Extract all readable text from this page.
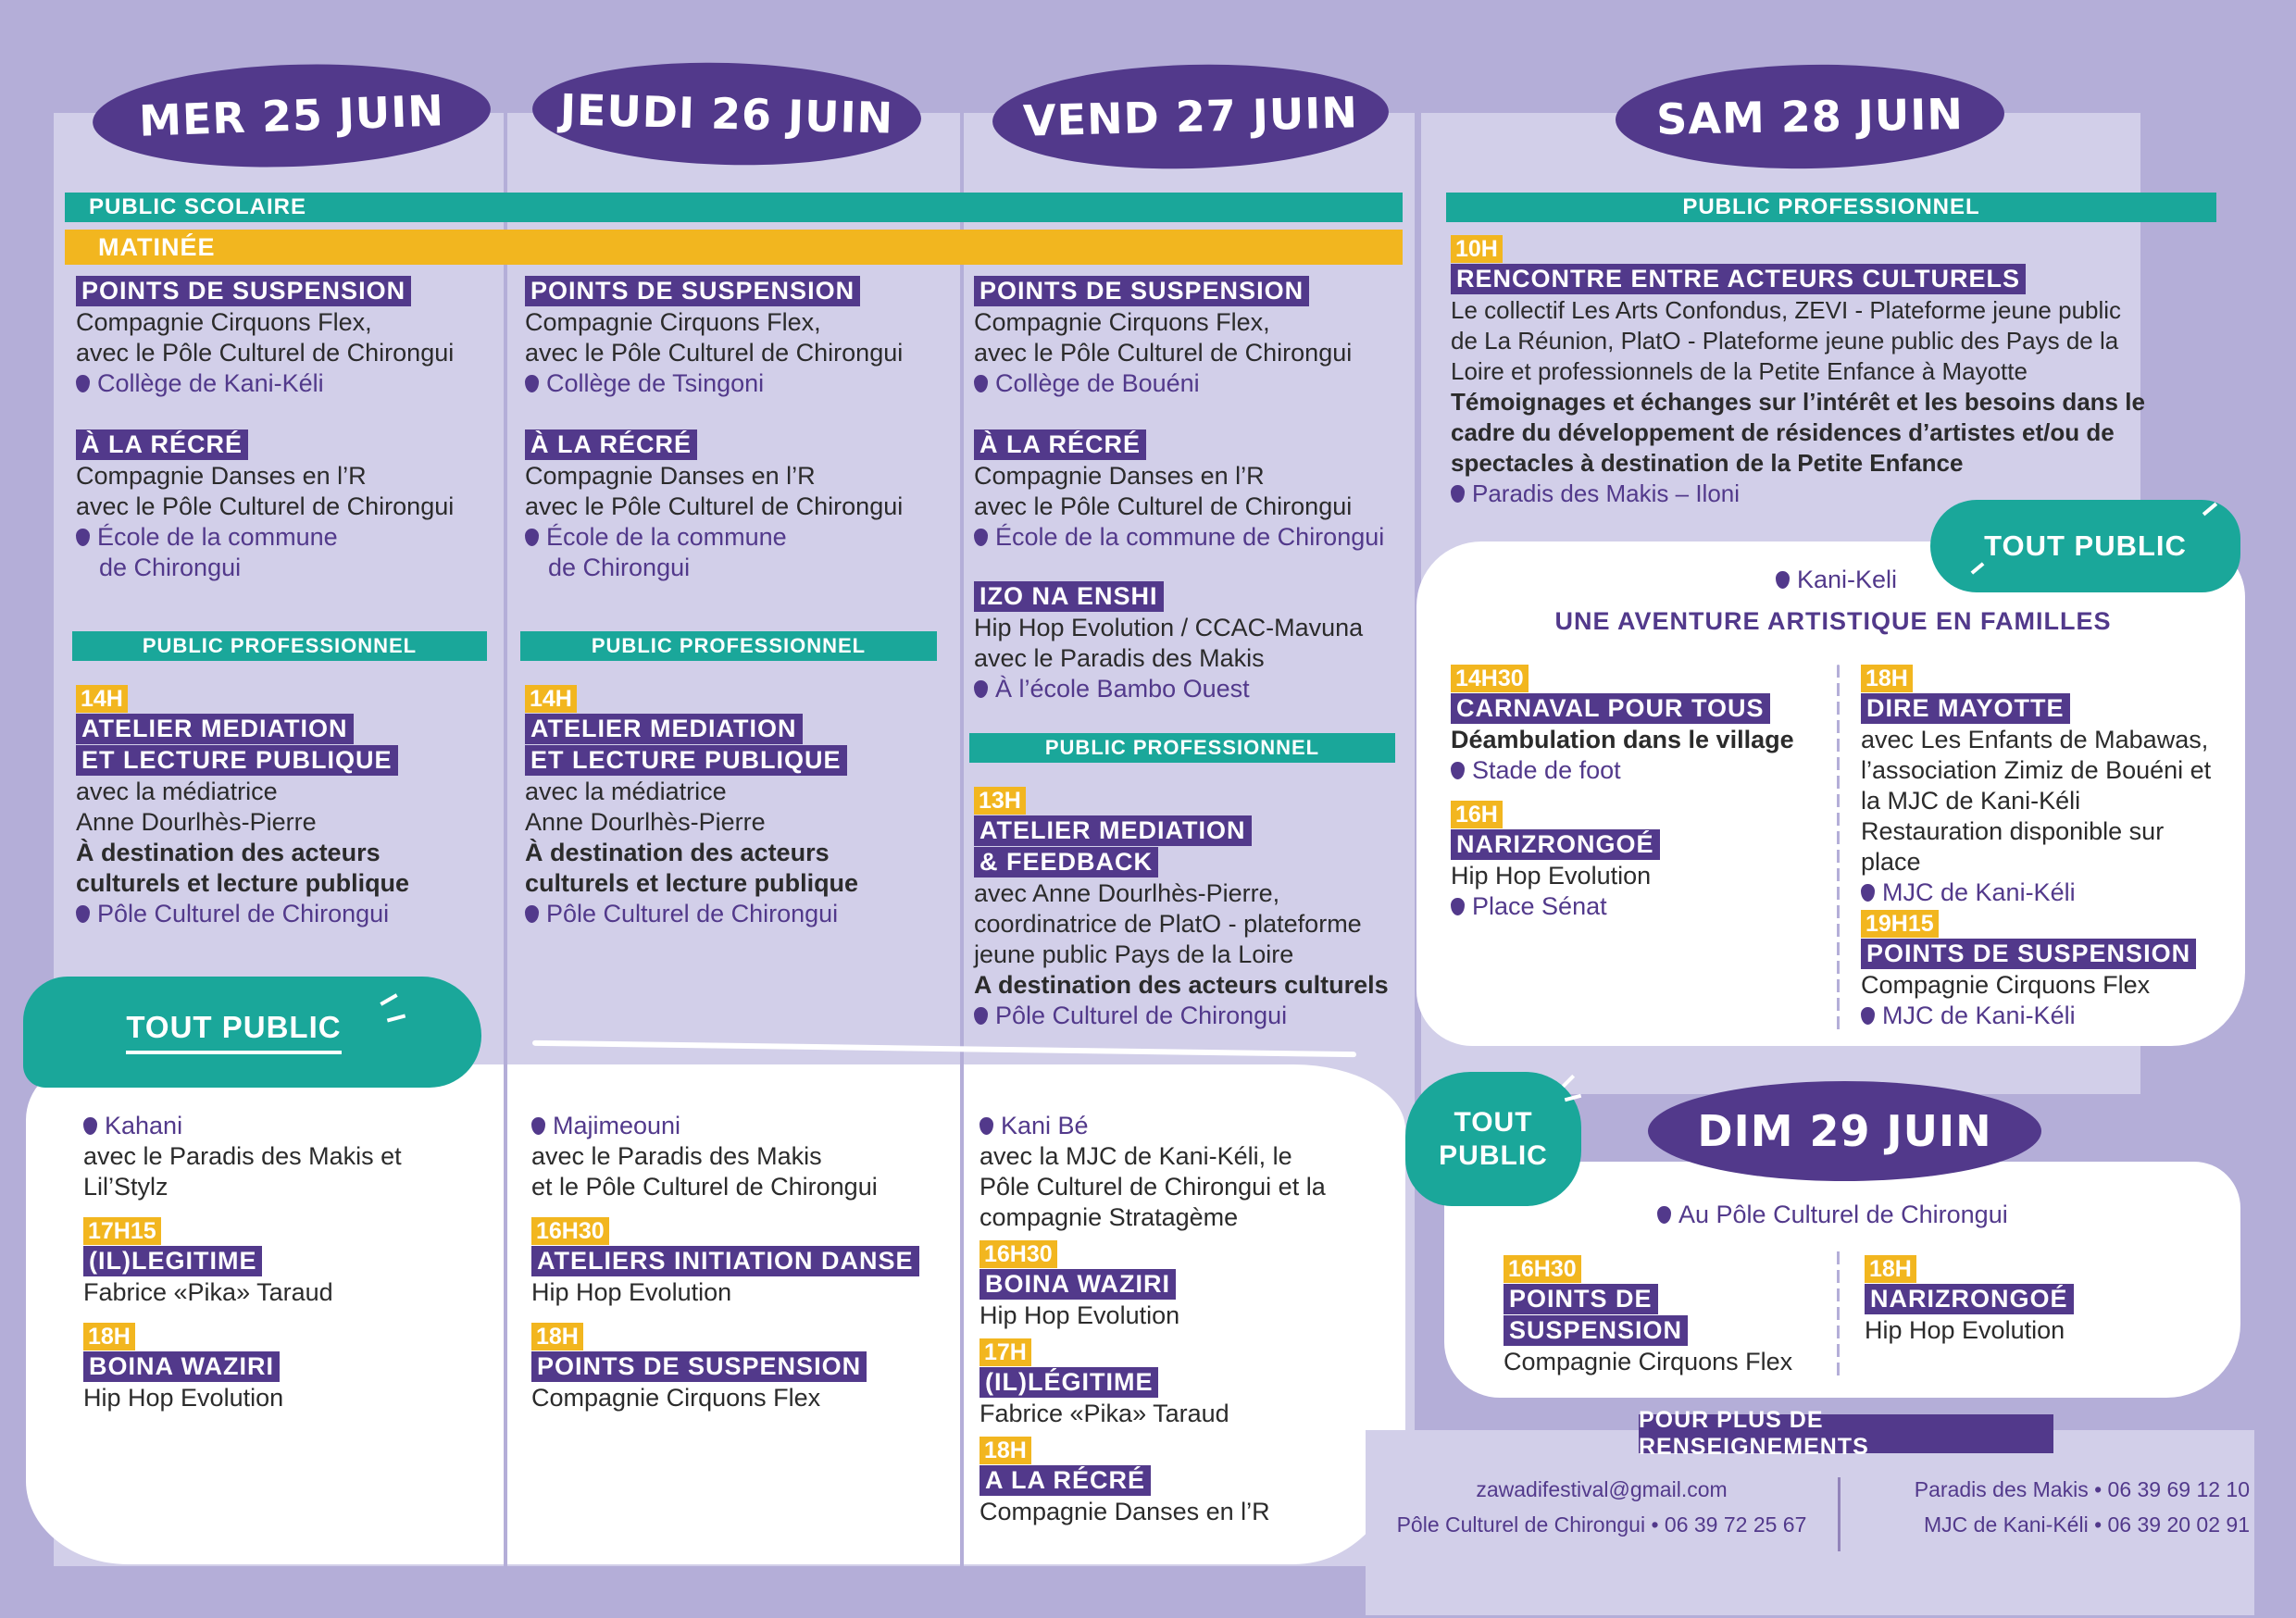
MER 25 JUIN	JEUDI 26 JUIN	VEND 27 JUIN	SAM 28 JUIN
PUBLIC SCOLAIRE
MATINÉE
PUBLIC PROFESSIONNEL
POINTS DE SUSPENSION
Compagnie Cirquons Flex,
avec le Pôle Culturel de Chirongui
Collège de Kani-Kéli
À LA RÉCRÉ
Compagnie Danses en l’R
avec le Pôle Culturel de Chirongui
École de la commune
de Chirongui
PUBLIC PROFESSIONNEL
14H
ATELIER MEDIATION
ET LECTURE PUBLIQUE
avec la médiatrice
Anne Dourlhès-Pierre
À destination des acteurs
culturels et lecture publique
Pôle Culturel de Chirongui
POINTS DE SUSPENSION
Compagnie Cirquons Flex,
avec le Pôle Culturel de Chirongui
Collège de Tsingoni
À LA RÉCRÉ
Compagnie Danses en l’R
avec le Pôle Culturel de Chirongui
École de la commune
de Chirongui
PUBLIC PROFESSIONNEL
14H
ATELIER MEDIATION
ET LECTURE PUBLIQUE
avec la médiatrice
Anne Dourlhès-Pierre
À destination des acteurs
culturels et lecture publique
Pôle Culturel de Chirongui
POINTS DE SUSPENSION
Compagnie Cirquons Flex,
avec le Pôle Culturel de Chirongui
Collège de Bouéni
À LA RÉCRÉ
Compagnie Danses en l’R
avec le Pôle Culturel de Chirongui
École de la commune de Chirongui
IZO NA ENSHI
Hip Hop Evolution / CCAC-Mavuna
avec le Paradis des Makis
À l’école Bambo Ouest
PUBLIC PROFESSIONNEL
13H
ATELIER MEDIATION
& FEEDBACK
avec Anne Dourlhès-Pierre,
coordinatrice de PlatO - plateforme
jeune public Pays de la Loire
A destination des acteurs culturels
Pôle Culturel de Chirongui
TOUT PUBLIC
Kahani
avec le Paradis des Makis et
Lil’Stylz
17H15
(IL)LEGITIME
Fabrice «Pika» Taraud
18H
BOINA WAZIRI
Hip Hop Evolution
Majimeouni
avec le Paradis des Makis
et le Pôle Culturel de Chirongui
16H30
ATELIERS INITIATION DANSE
Hip Hop Evolution
18H
POINTS DE SUSPENSION
Compagnie Cirquons Flex
Kani Bé
avec la MJC de Kani-Kéli, le
Pôle Culturel de Chirongui et la
compagnie Stratagème
16H30
BOINA WAZIRI
Hip Hop Evolution
17H
(IL)LÉGITIME
Fabrice «Pika» Taraud
18H
A LA RÉCRÉ
Compagnie Danses en l’R
10H
RENCONTRE ENTRE ACTEURS CULTURELS
Le collectif Les Arts Confondus, ZEVI - Plateforme jeune public
de La Réunion, PlatO - Plateforme jeune public des Pays de la
Loire et professionnels de la Petite Enfance à Mayotte
Témoignages et échanges sur l’intérêt et les besoins dans le
cadre du développement de résidences d’artistes et/ou de
spectacles à destination de la Petite Enfance
Paradis des Makis – Iloni
TOUT PUBLIC
Kani-Keli
UNE AVENTURE ARTISTIQUE EN FAMILLES
14H30
CARNAVAL POUR TOUS
Déambulation dans le village
Stade de foot
16H
NARIZRONGOÉ
Hip Hop Evolution
Place Sénat
18H
DIRE MAYOTTE
avec Les Enfants de Mabawas,
l’association Zimiz de Bouéni et
la MJC de Kani-Kéli
Restauration disponible sur
place
MJC de Kani-Kéli
19H15
POINTS DE SUSPENSION
Compagnie Cirquons Flex
MJC de Kani-Kéli
TOUT
PUBLIC	DIM 29 JUIN
Au Pôle Culturel de Chirongui
16H30
POINTS DE
SUSPENSION
Compagnie Cirquons Flex
18H
NARIZRONGOÉ
Hip Hop Evolution
POUR PLUS DE RENSEIGNEMENTS
zawadifestival@gmail.com
Pôle Culturel de Chirongui • 06 39 72 25 67
Paradis des Makis • 06 39 69 12 10
MJC de Kani-Kéli • 06 39 20 02 91
